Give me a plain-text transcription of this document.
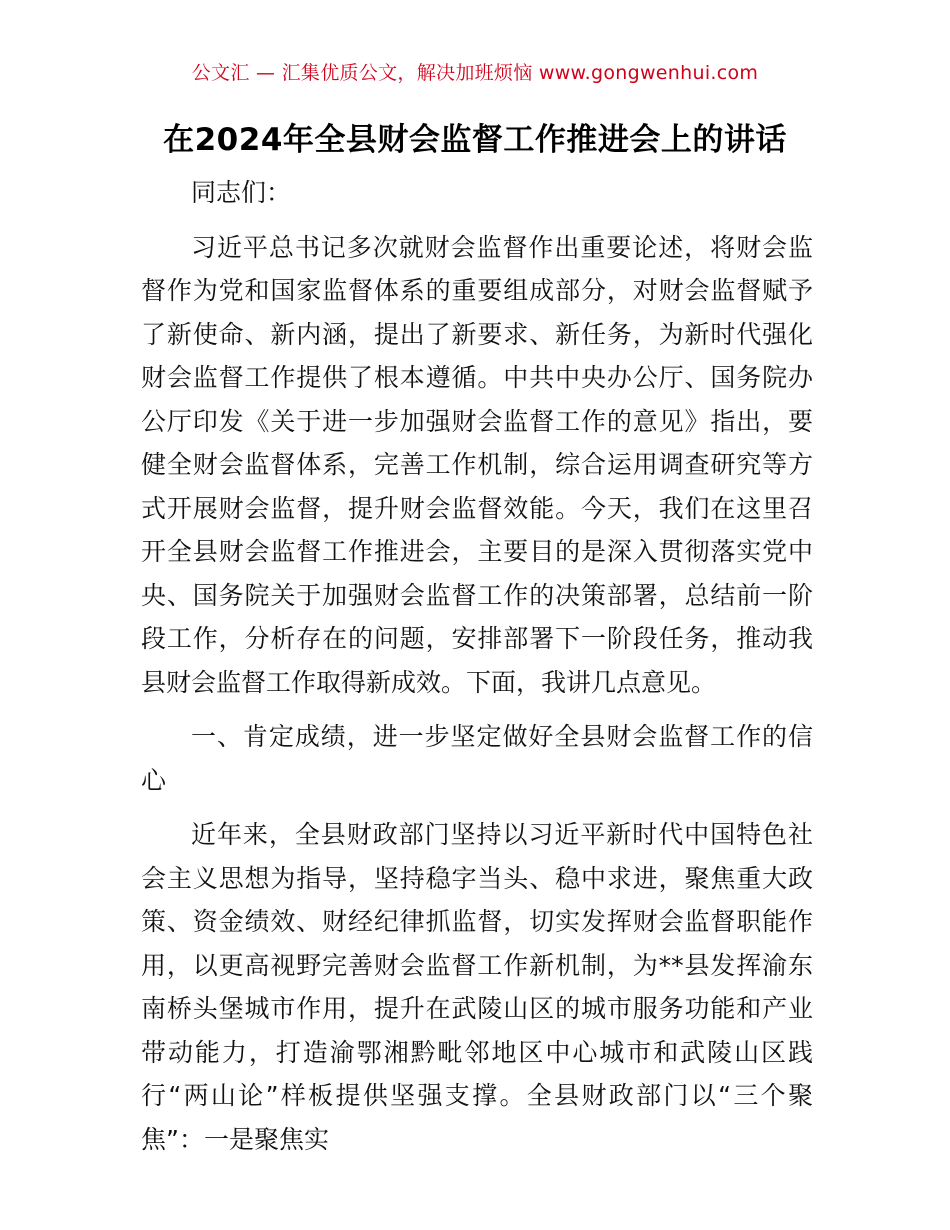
公文汇 — 汇集优质公文，解决加班烦恼 www.gongwenhui.com
在2024年全县财会监督工作推进会上的讲话

同志们：

习近平总书记多次就财会监督作出重要论述，将财会监督作为党和国家监督体系的重要组成部分，对财会监督赋予了新使命、新内涵，提出了新要求、新任务，为新时代强化财会监督工作提供了根本遵循。中共中央办公厅、国务院办公厅印发《关于进一步加强财会监督工作的意见》指出，要健全财会监督体系，完善工作机制，综合运用调查研究等方式开展财会监督，提升财会监督效能。今天，我们在这里召开全县财会监督工作推进会，主要目的是深入贯彻落实党中央、国务院关于加强财会监督工作的决策部署，总结前一阶段工作，分析存在的问题，安排部署下一阶段任务，推动我县财会监督工作取得新成效。下面，我讲几点意见。

一、肯定成绩，进一步坚定做好全县财会监督工作的信心

近年来，全县财政部门坚持以习近平新时代中国特色社会主义思想为指导，坚持稳字当头、稳中求进，聚焦重大政策、资金绩效、财经纪律抓监督，切实发挥财会监督职能作用，以更高视野完善财会监督工作新机制，为**县发挥渝东南桥头堡城市作用，提升在武陵山区的城市服务功能和产业带动能力，打造渝鄂湘黔毗邻地区中心城市和武陵山区践行“两山论”样板提供坚强支撑。全县财政部门以“三个聚焦”：一是聚焦实
